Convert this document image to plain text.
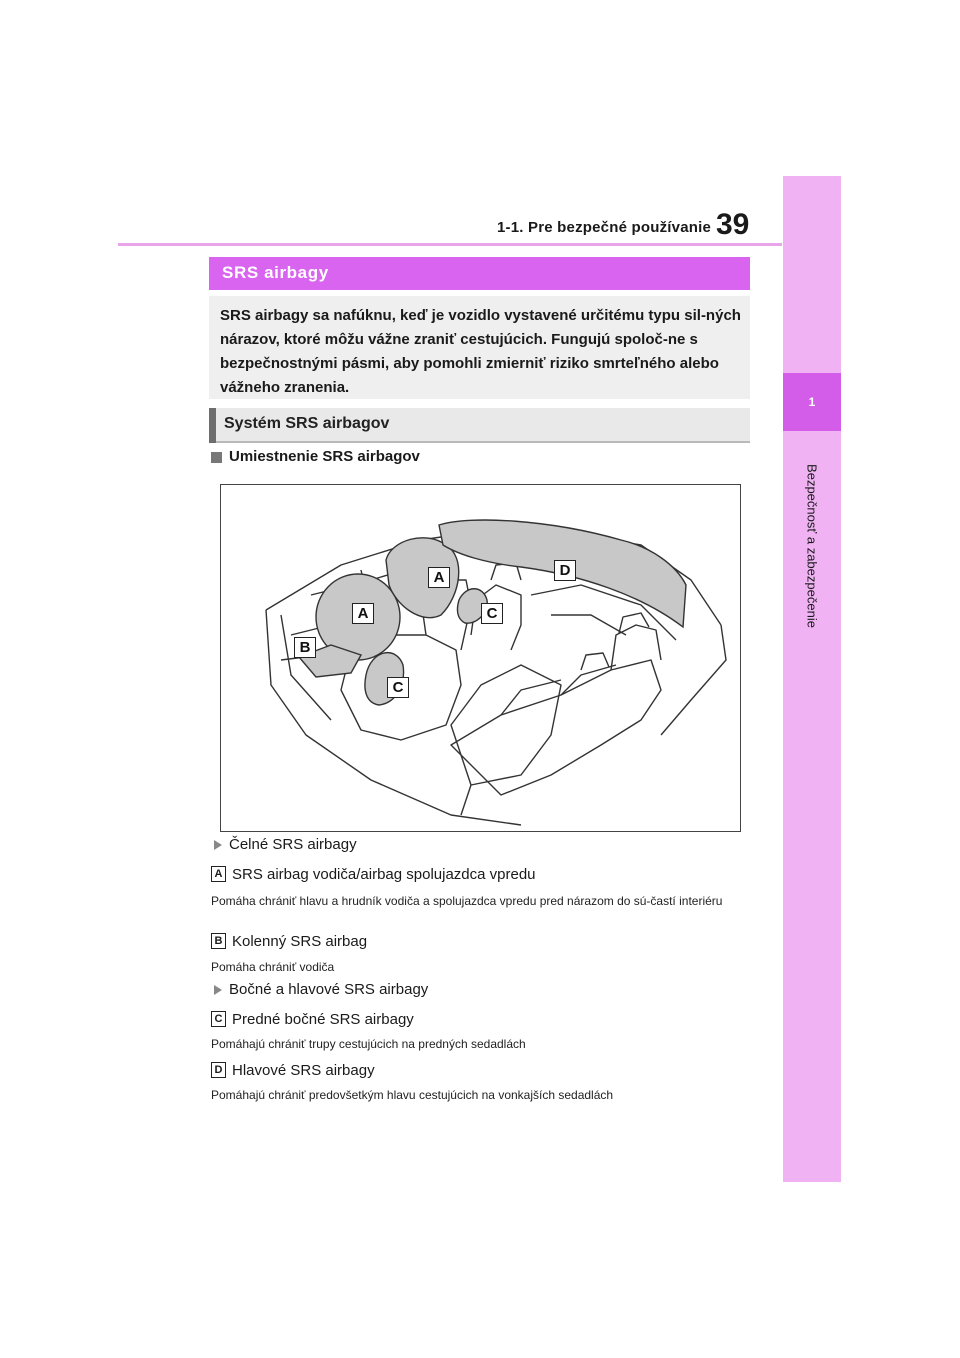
1-1. Pre bezpečné používanie 39
1
Bezpečnosť a zabezpečenie
SRS airbagy
SRS airbagy sa nafúknu, keď je vozidlo vystavené určitému typu sil-ných nárazov, ktoré môžu vážne zraniť cestujúcich. Fungujú spoloč-ne s bezpečnostnými pásmi, aby pomohli zmierniť riziko smrteľného alebo vážneho zranenia.
Systém SRS airbagov
Umiestnenie SRS airbagov
A
A
B
C
C
D
Čelné SRS airbagy
A SRS airbag vodiča/airbag spolujazdca vpredu
Pomáha chrániť hlavu a hrudník vodiča a spolujazdca vpredu pred nárazom do sú-častí interiéru
B Kolenný SRS airbag
Pomáha chrániť vodiča
Bočné a hlavové SRS airbagy
C Predné bočné SRS airbagy
Pomáhajú chrániť trupy cestujúcich na predných sedadlách
D Hlavové SRS airbagy
Pomáhajú chrániť predovšetkým hlavu cestujúcich na vonkajších sedadlách
